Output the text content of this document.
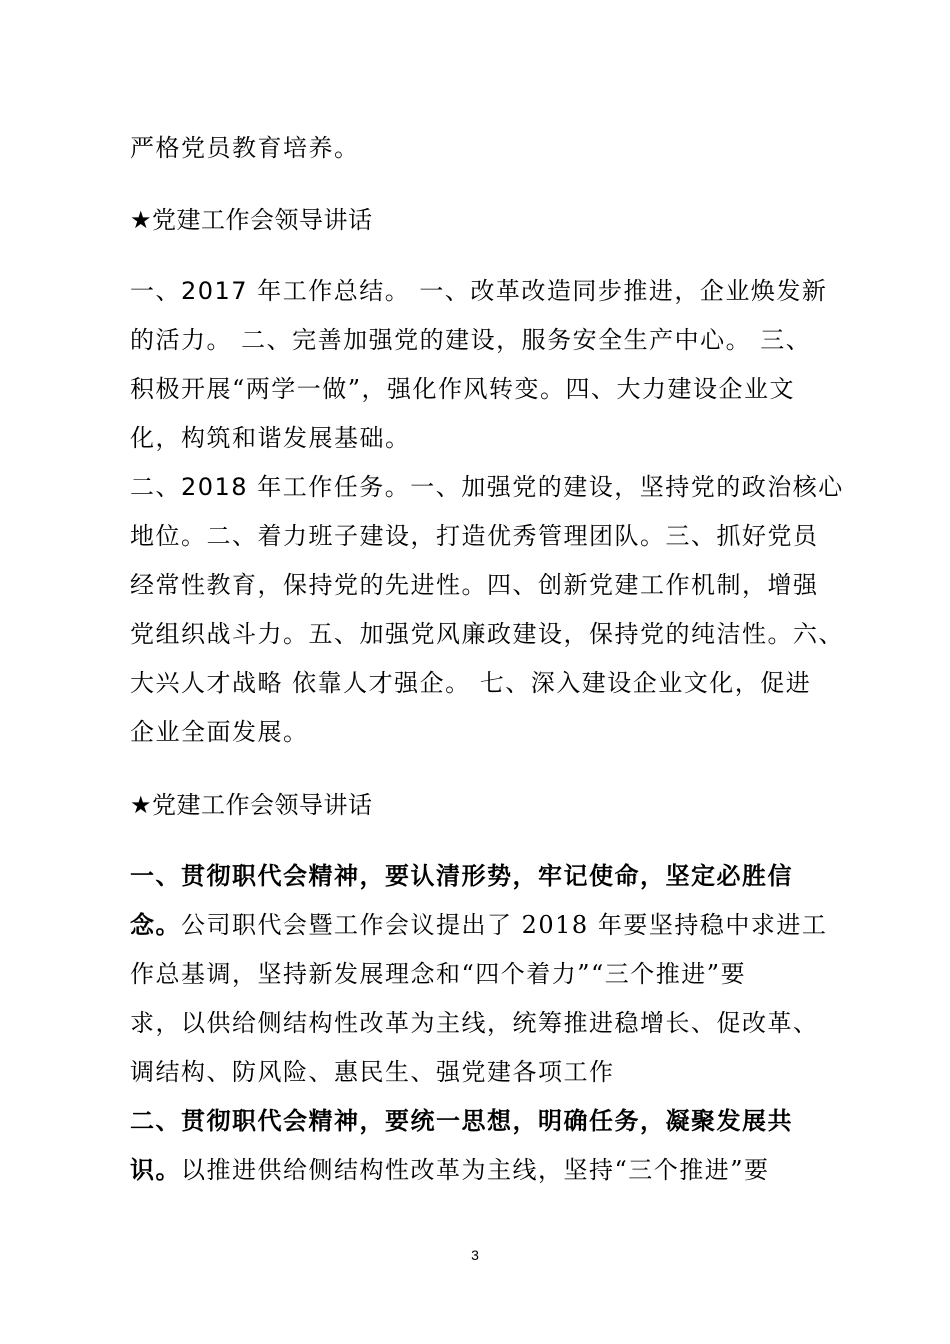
严格党员教育培养。
★党建工作会领导讲话
一、2017 年工作总结。 一、改革改造同步推进，企业焕发新
的活力。 二、完善加强党的建设，服务安全生产中心。 三、
积极开展“两学一做”，强化作风转变。四、大力建设企业文
化，构筑和谐发展基础。
二、2018 年工作任务。一、加强党的建设，坚持党的政治核心
地位。二、着力班子建设，打造优秀管理团队。三、抓好党员
经常性教育，保持党的先进性。四、创新党建工作机制，增强
党组织战斗力。五、加强党风廉政建设，保持党的纯洁性。六、
大兴人才战略 依靠人才强企。 七、深入建设企业文化，促进
企业全面发展。
★党建工作会领导讲话
一、贯彻职代会精神，要认清形势，牢记使命，坚定必胜信
念。公司职代会暨工作会议提出了 2018 年要坚持稳中求进工
作总基调，坚持新发展理念和“四个着力”“三个推进”要
求，以供给侧结构性改革为主线，统筹推进稳增长、促改革、
调结构、防风险、惠民生、强党建各项工作
二、贯彻职代会精神，要统一思想，明确任务，凝聚发展共
识。以推进供给侧结构性改革为主线，坚持“三个推进”要
3
